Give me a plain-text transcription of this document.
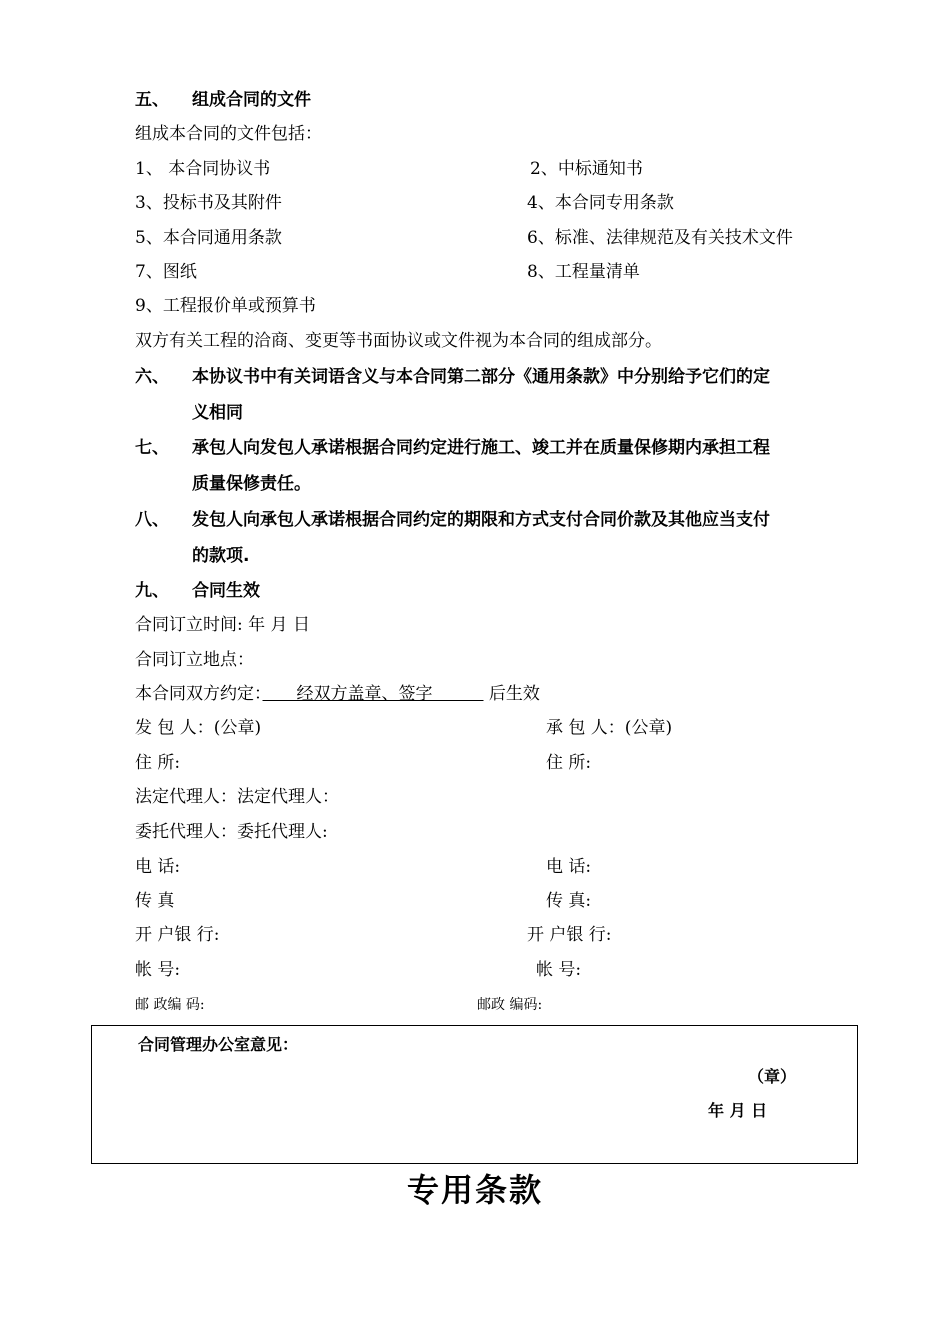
五、 组成合同的文件
组成本合同的文件包括：
1、 本合同协议书	2、中标通知书
3、投标书及其附件	4、本合同专用条款
5、本合同通用条款	6、标准、法律规范及有关技术文件
7、图纸	8、工程量清单
9、工程报价单或预算书
双方有关工程的洽商、变更等书面协议或文件视为本合同的组成部分。
六、 本协议书中有关词语含义与本合同第二部分《通用条款》中分别给予它们的定
义相同
七、 承包人向发包人承诺根据合同约定进行施工、竣工并在质量保修期内承担工程
质量保修责任。
八、 发包人向承包人承诺根据合同约定的期限和方式支付合同价款及其他应当支付
的款项.
九、 合同生效
合同订立时间: 年 月 日
合同订立地点：
本合同双方约定：　　经双方盖章、签字　　　 后生效
发 包 人：(公章)	承 包 人：(公章)
住 所:	住 所:
法定代理人：法定代理人：
委托代理人：委托代理人:
电 话:	电 话:
传 真	传 真:
开 户银 行:	开 户银 行:
帐 号:	帐 号:
邮 政编 码:	邮政 编码:
合同管理办公室意见：
（章）
年 月 日
专用条款
